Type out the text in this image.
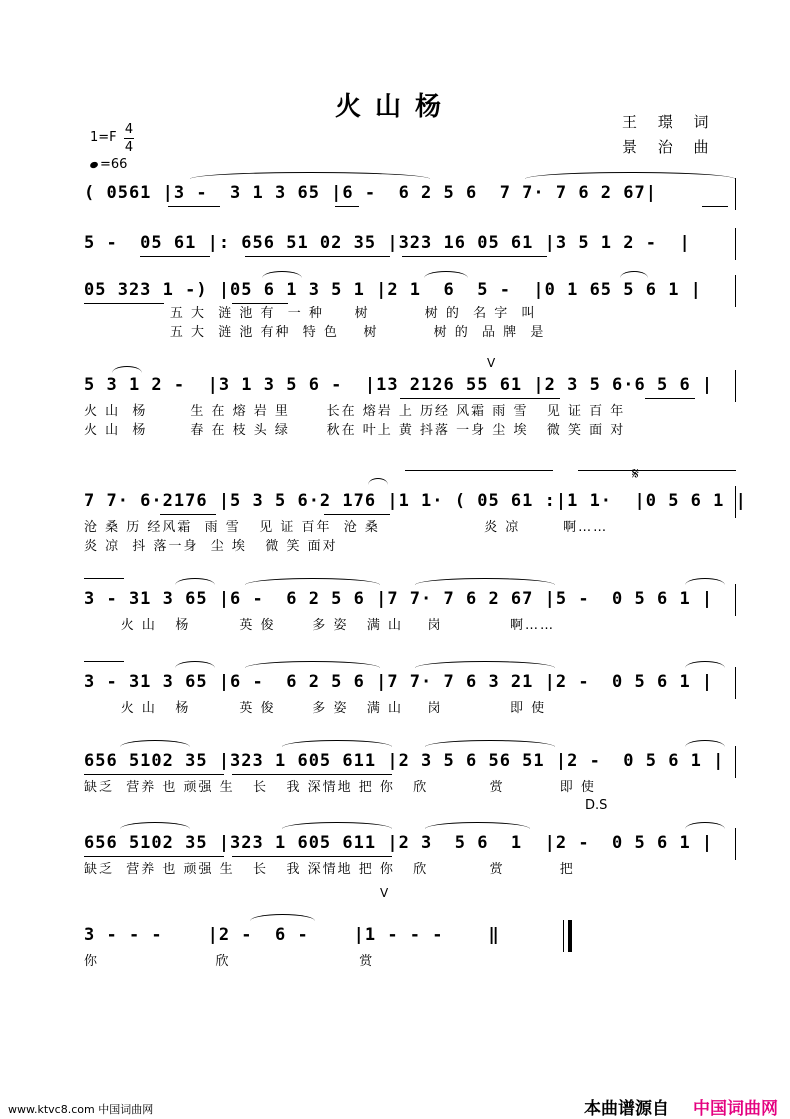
火山杨	王 璟 词
景 治 曲
1=F
4
4
=66
( 0561 |3 -  3 1 3 65 |6 -  6 2 5 6  7 7· 7 6 2 67|
5 -  05 61 |: 656 51 02 35 |323 16 05 61 |3 5 1 2 -  |
05 323 1 -) |05 6 1 3 5 1 |2 1  6  5 -  |0 1 65 5 6 1 |
五 大  涟 池 有  一 种     树         树 的  名 字  叫
五 大  涟 池 有种  特 色    树         树 的  品 牌  是
V
5 3 1 2 -  |3 1 3 5 6 -  |13 2126 55 61 |2 3 5 6·6 5 6 |
火 山  杨       生 在 熔 岩 里      长在 熔岩 上 历经 风霜 雨 雪   见 证 百 年
火 山  杨       春 在 枝 头 绿      秋在 叶上 黄 抖落 一身 尘 埃   微 笑 面 对
𝄋
7 7· 6·2176 |5 3 5 6·2 176 |1 1· ( 05 61 :|1 1·  |0 5 6 1 |
沧 桑 历 经风霜  雨 雪   见 证 百年  沧 桑                 炎 凉       啊……
炎 凉  抖 落一身  尘 埃   微 笑 面对
3 - 31 3 65 |6 -  6 2 5 6 |7 7· 7 6 2 67 |5 -  0 5 6 1 |
火 山   杨        英 俊      多 姿   满 山    岗           啊……
3 - 31 3 65 |6 -  6 2 5 6 |7 7· 7 6 3 21 |2 -  0 5 6 1 |
火 山   杨        英 俊      多 姿   满 山    岗           即 使
656 5102 35 |323 1 605 611 |2 3 5 6 56 51 |2 -  0 5 6 1 |
缺乏  营养 也 顽强 生   长   我 深情地 把 你   欣          赏         即 使
D.S
V
656 5102 35 |323 1 605 611 |2 3  5 6  1  |2 -  0 5 6 1 |
缺乏  营养 也 顽强 生   长   我 深情地 把 你   欣          赏         把
3 - - -    |2 -  6 -    |1 - - -    ‖
你                   欣                     赏
www.ktvc8.com 中国词曲网	本曲谱源自 中国词曲网
